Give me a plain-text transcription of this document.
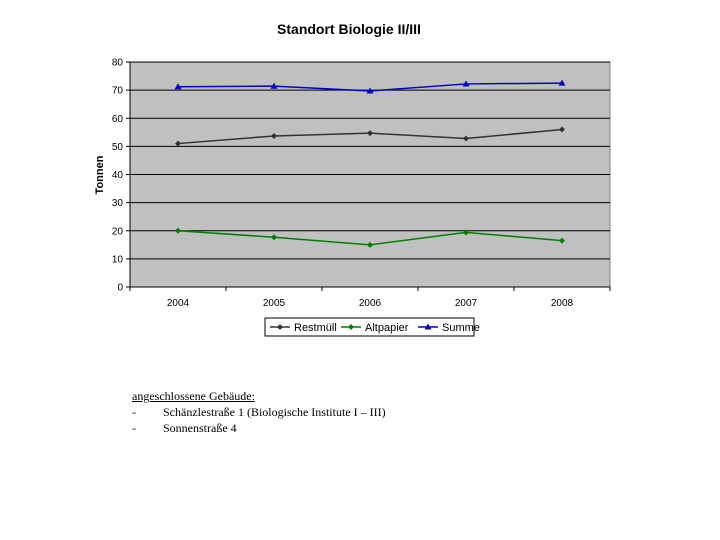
Standort Biologie II/III
0
10
20
30
40
50
60
70
80
2004	2005	2006	2007	2008
Tonnen
Restmüll	Altpapier	Summe
angeschlossene Gebäude:
-	Schänzlestraße 1 (Biologische Institute I – III)
-	Sonnenstraße 4
